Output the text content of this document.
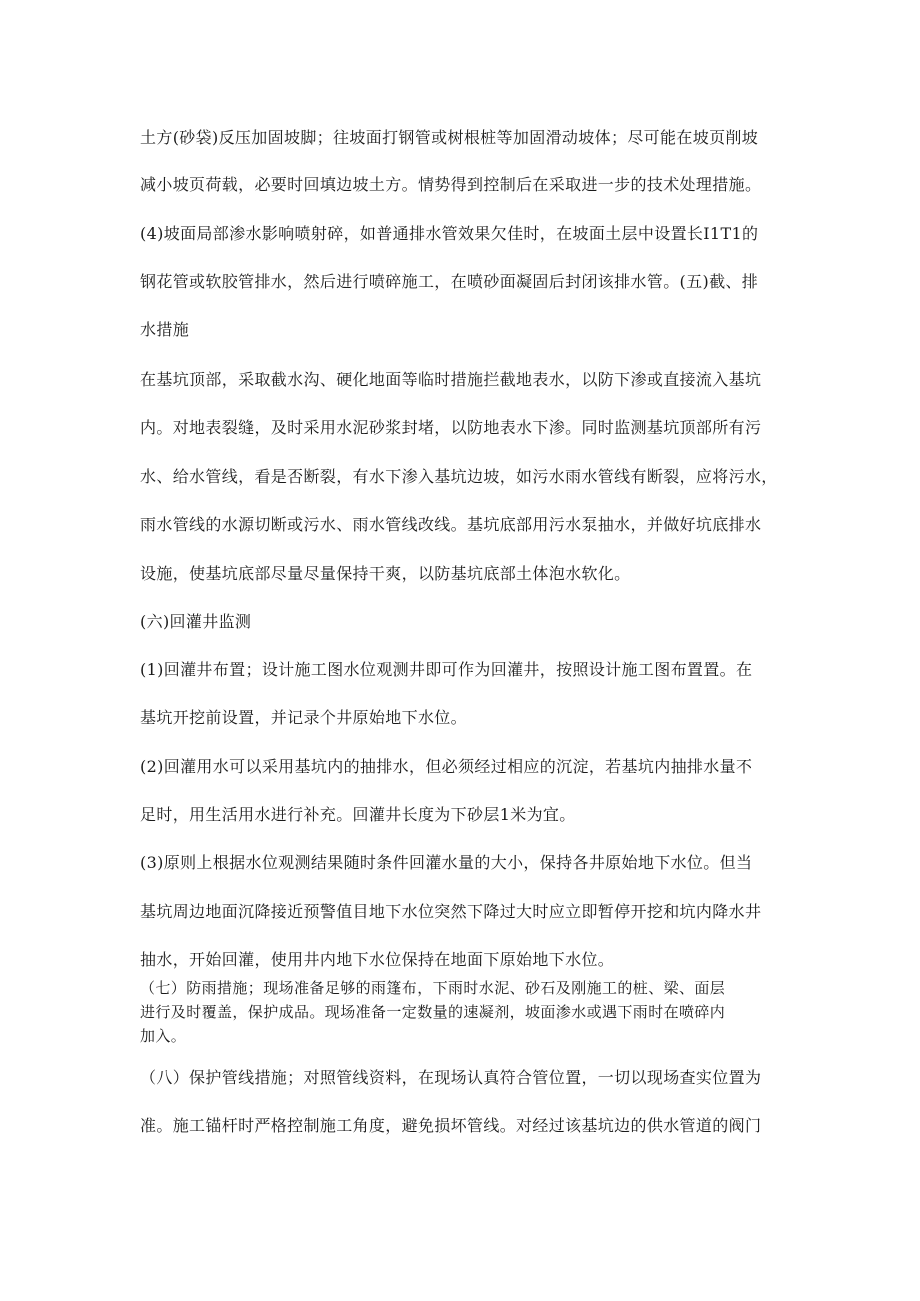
土方(砂袋)反压加固坡脚；往坡面打钢管或树根桩等加固滑动坡体；尽可能在坡页削坡
减小坡页荷载，必要时回填边坡土方。情势得到控制后在采取进一步的技术处理措施。
(4)坡面局部渗水影响喷射碎，如普通排水管效果欠佳时，在坡面土层中设置长I1T1的
钢花管或软胶管排水，然后进行喷碎施工，在喷砂面凝固后封闭该排水管。(五)截、排
水措施
在基坑顶部，采取截水沟、硬化地面等临时措施拦截地表水，以防下渗或直接流入基坑
内。对地表裂缝，及时采用水泥砂浆封堵，以防地表水下渗。同时监测基坑顶部所有污
水、给水管线，看是否断裂，有水下渗入基坑边坡，如污水雨水管线有断裂，应将污水，
雨水管线的水源切断或污水、雨水管线改线。基坑底部用污水泵抽水，并做好坑底排水
设施，使基坑底部尽量尽量保持干爽，以防基坑底部土体泡水软化。
(六)回灌井监测
(1)回灌井布置；设计施工图水位观测井即可作为回灌井，按照设计施工图布置置。在
基坑开挖前设置，并记录个井原始地下水位。
(2)回灌用水可以采用基坑内的抽排水，但必须经过相应的沉淀，若基坑内抽排水量不
足时，用生活用水进行补充。回灌井长度为下砂层1米为宜。
(3)原则上根据水位观测结果随时条件回灌水量的大小，保持各井原始地下水位。但当
基坑周边地面沉降接近预警值目地下水位突然下降过大时应立即暂停开挖和坑内降水井
抽水，开始回灌，使用井内地下水位保持在地面下原始地下水位。
（七）防雨措施；现场准备足够的雨篷布，下雨时水泥、砂石及刚施工的桩、梁、面层
进行及时覆盖，保护成品。现场准备一定数量的速凝剂，坡面渗水或遇下雨时在喷碎内
加入。
（八）保护管线措施；对照管线资料，在现场认真符合管位置，一切以现场查实位置为
准。施工锚杆时严格控制施工角度，避免损坏管线。对经过该基坑边的供水管道的阀门
